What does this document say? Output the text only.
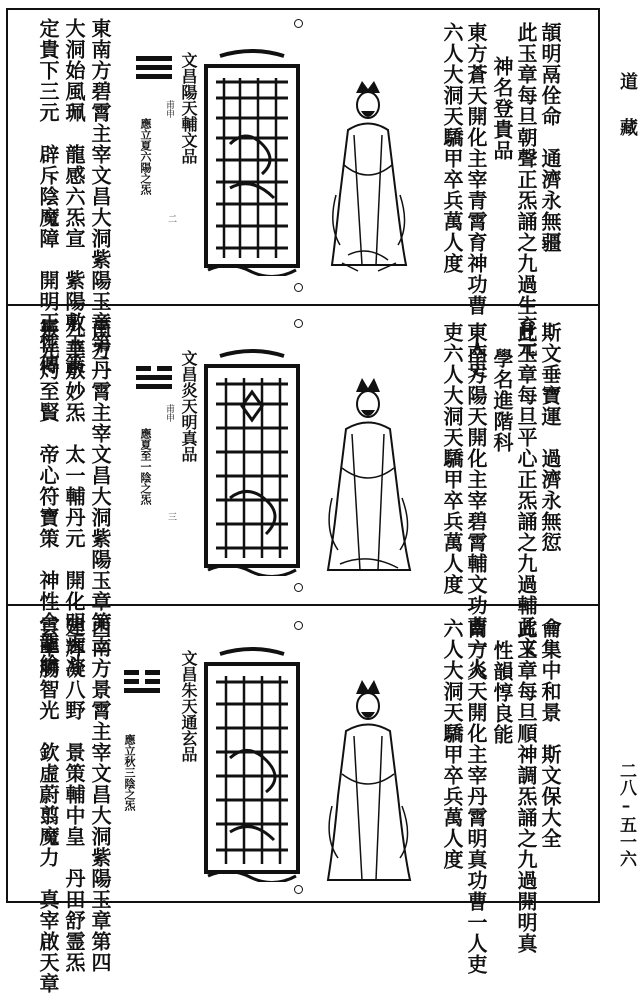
道
藏
二八–五一六
頡明鬲佺命　通濟永無疆
此玉章每旦朝聲正炁誦之九過生育元
神名登貴品
東方蒼天開化主宰青霄育神功曹一人吏
六人大洞天驕甲卒兵萬人度
文昌陽天輔文品
甫申
應立夏六陽之炁
二
東南方碧霄主宰文昌大洞紫陽玉章第二
大洞始風珮　龍感六炁宣　紫陽敷玉策
定貴下三元　辟斥陰魔障　開明正性傳
斯文垂寶運　過濟永無愆
此玉章每旦平心正炁誦之九過輔孟文
學名進階科
東南方陽天開化主宰碧霄輔文功曹一人
吏六人大洞天驕甲卒兵萬人度
文昌炎天明真品
甫申
應夏至一陰之炁
三
南方丹霄主宰文昌大洞紫陽玉章第三
九華敷妙炁　太一輔丹元　開化明天斗
靈光灼至賢　帝心符寶策　神性合龍綸
龠集中和景　斯文保大全
此玉章每旦順神調炁誦之九過開明真
性韻惇良能
南方炎天開化主宰丹霄明真功曹一人吏
六人大洞天驕甲卒兵萬人度
文昌朱天通玄品
應立秋三陰之炁
西南方景霄主宰文昌大洞紫陽玉章第四
建輝凝八野　景策輔中皇　丹田舒霊炁
雲華腸智光　欽虛蔚翦魔力　真宰啟天章
